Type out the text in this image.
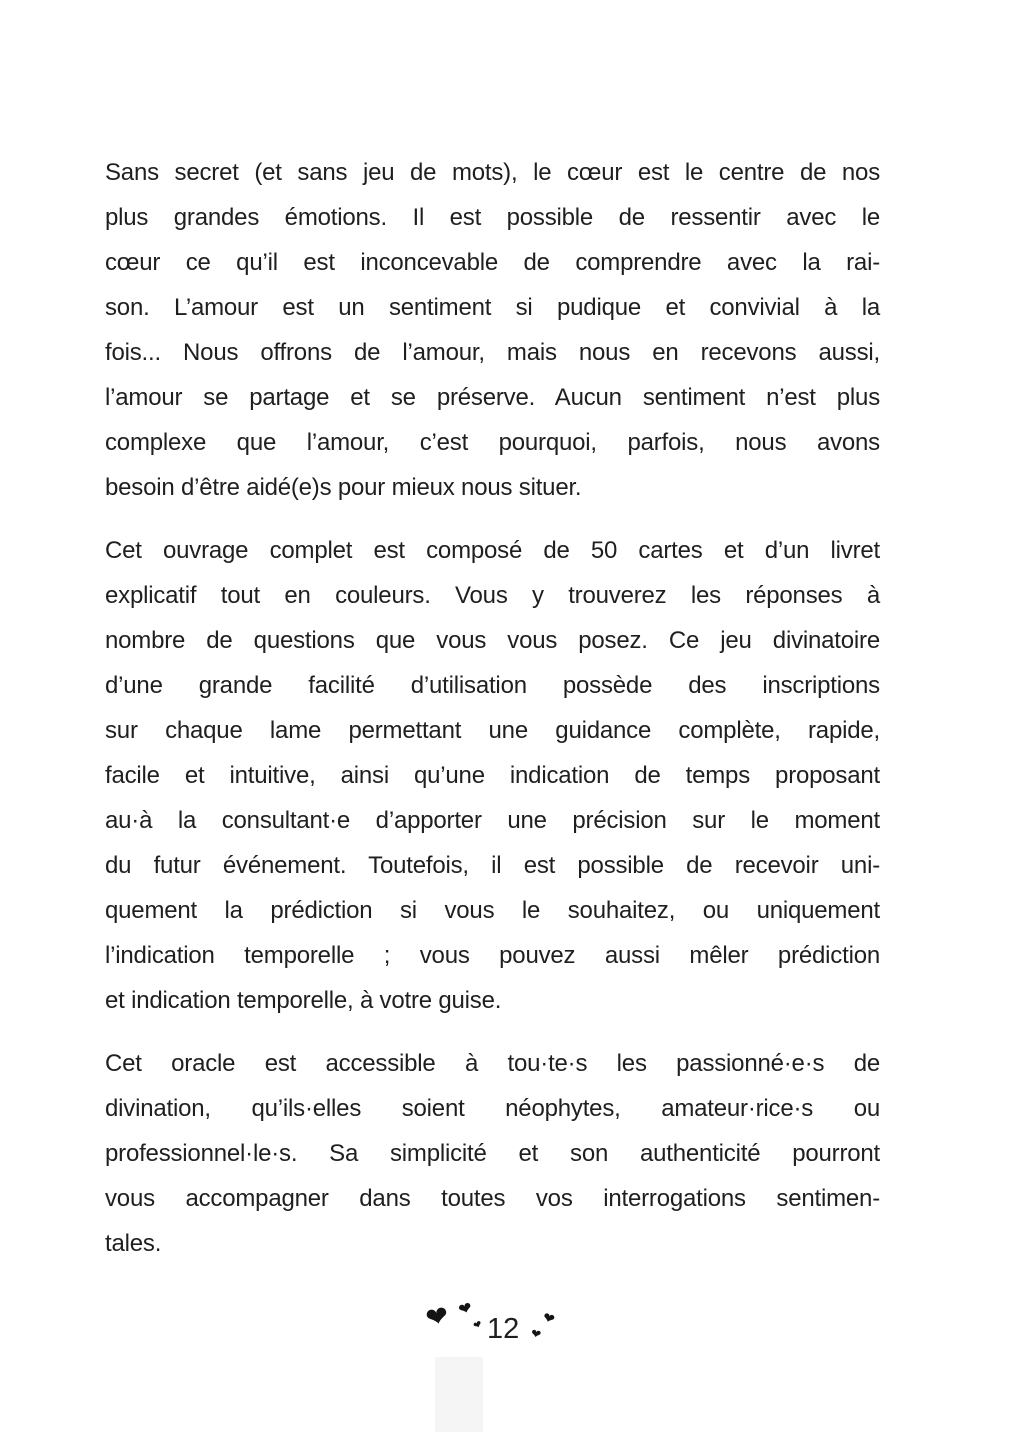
Sans secret (et sans jeu de mots), le cœur est le centre de nos
plus grandes émotions. Il est possible de ressentir avec le
cœur ce qu’il est inconcevable de comprendre avec la rai-
son. L’amour est un sentiment si pudique et convivial à la
fois... Nous offrons de l’amour, mais nous en recevons aussi,
l’amour se partage et se préserve. Aucun sentiment n’est plus
complexe que l’amour, c’est pourquoi, parfois, nous avons
besoin d’être aidé(e)s pour mieux nous situer.
Cet ouvrage complet est composé de 50 cartes et d’un livret
explicatif tout en couleurs. Vous y trouverez les réponses à
nombre de questions que vous vous posez. Ce jeu divinatoire
d’une grande facilité d’utilisation possède des inscriptions
sur chaque lame permettant une guidance complète, rapide,
facile et intuitive, ainsi qu’une indication de temps proposant
au·à la consultant·e d’apporter une précision sur le moment
du futur événement. Toutefois, il est possible de recevoir uni-
quement la prédiction si vous le souhaitez, ou uniquement
l’indication temporelle ; vous pouvez aussi mêler prédiction
et indication temporelle, à votre guise.
Cet oracle est accessible à tou·te·s les passionné·e·s de
divination, qu’ils·elles soient néophytes, amateur·rice·s ou
professionnel·le·s. Sa simplicité et son authenticité pourront
vous accompagner dans toutes vos interrogations sentimen-
tales.
❤ ❤
❤ 12 ❤
❤
